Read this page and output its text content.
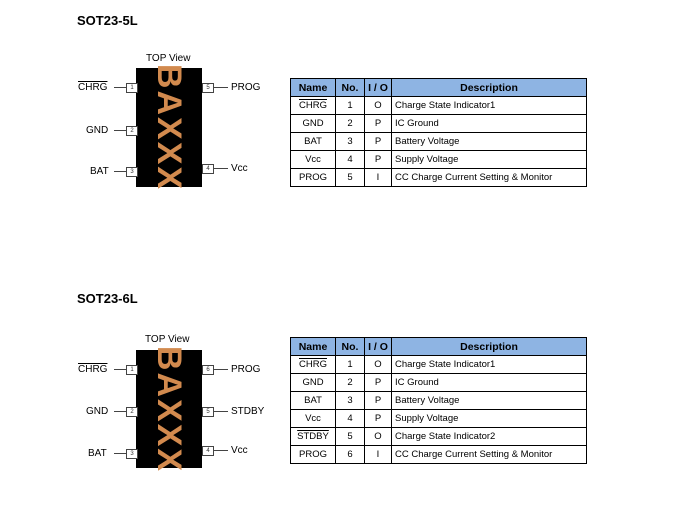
SOT23-5L
TOP View
BAXXX
1
CHRG
2
GND
3
BAT
5	PROG
4	Vcc
Name	No.	I / O	Description
CHRG	1	O	Charge State Indicator1
GND	2	P	IC Ground
BAT	3	P	Battery Voltage
Vcc	4	P	Supply Voltage
PROG	5	I	CC Charge Current Setting & Monitor
SOT23-6L
TOP View
BAXXX
1
CHRG
2
GND
3
BAT
6	PROG
5	STDBY
4	Vcc
Name	No.	I / O	Description
CHRG	1	O	Charge State Indicator1
GND	2	P	IC Ground
BAT	3	P	Battery Voltage
Vcc	4	P	Supply Voltage
STDBY	5	O	Charge State Indicator2
PROG	6	I	CC Charge Current Setting & Monitor
